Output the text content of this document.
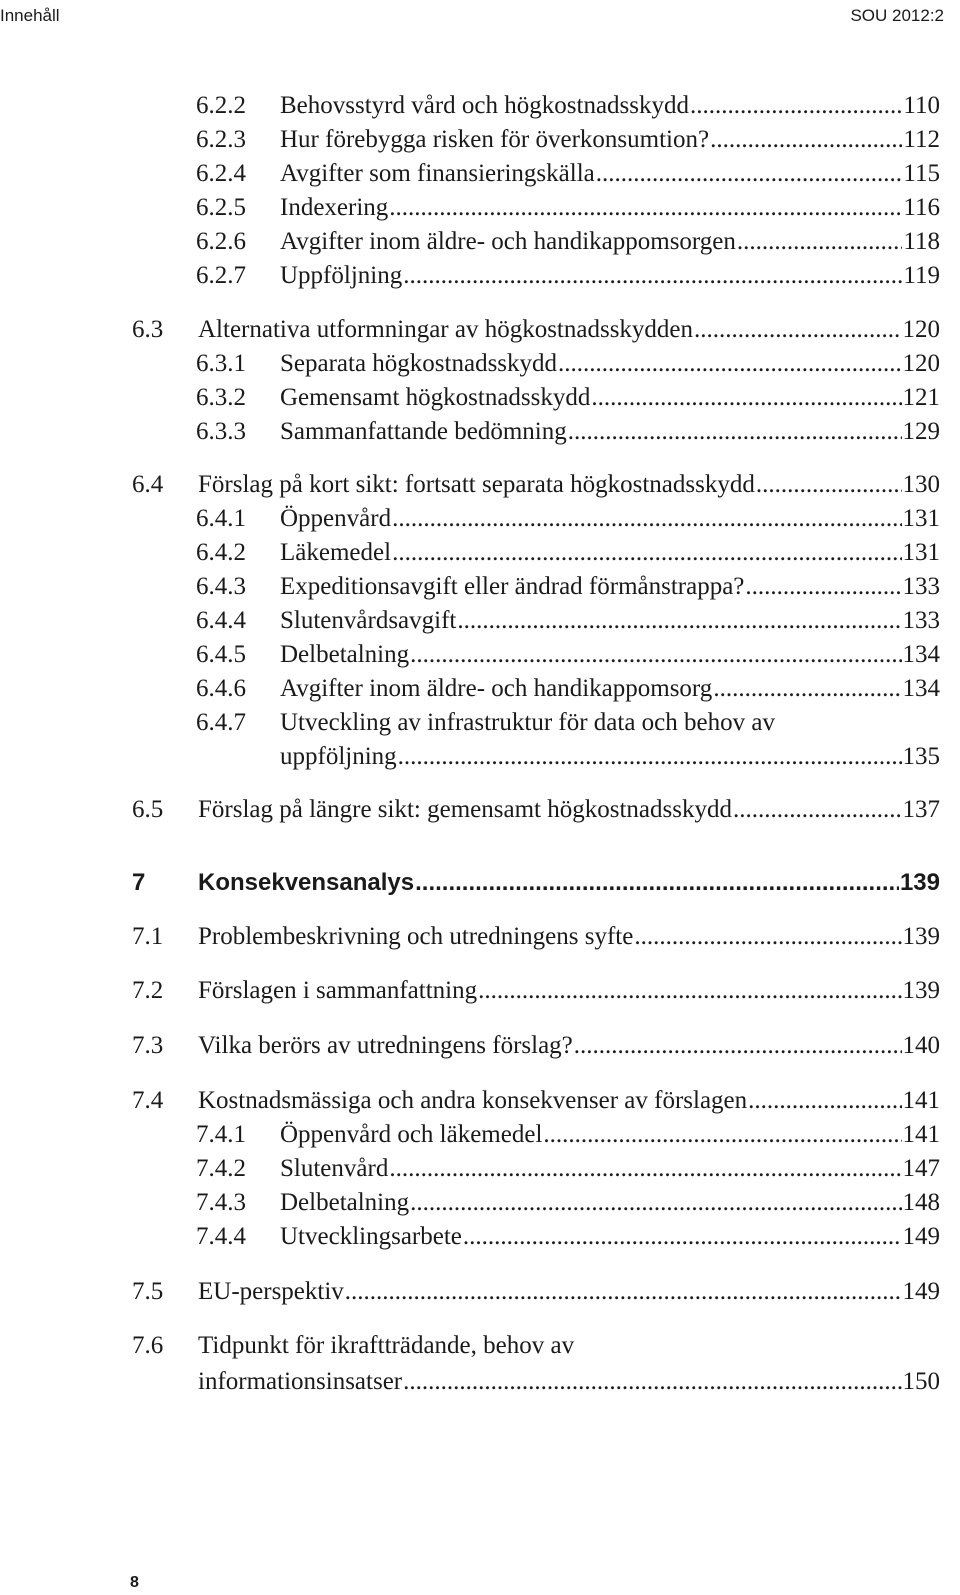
Innehåll	SOU 2012:2
6.2.2 Behovsstyrd vård och högkostnadsskydd .....	110
6.2.3 Hur förebygga risken för överkonsumtion? .....	112
6.2.4 Avgifter som finansieringskälla .....	115
6.2.5 Indexering .....	116
6.2.6 Avgifter inom äldre- och handikappomsorgen .....	118
6.2.7 Uppföljning .....	119
6.3 Alternativa utformningar av högkostnadsskydden .....	120
6.3.1 Separata högkostnadsskydd .....	120
6.3.2 Gemensamt högkostnadsskydd .....	121
6.3.3 Sammanfattande bedömning .....	129
6.4 Förslag på kort sikt: fortsatt separata högkostnadsskydd .....	130
6.4.1 Öppenvård .....	131
6.4.2 Läkemedel .....	131
6.4.3 Expeditionsavgift eller ändrad förmånstrappa? .....	133
6.4.4 Slutenvårdsavgift .....	133
6.4.5 Delbetalning .....	134
6.4.6 Avgifter inom äldre- och handikappomsorg .....	134
6.4.7 Utveckling av infrastruktur för data och behov av
uppföljning .....	135
6.5 Förslag på längre sikt: gemensamt högkostnadsskydd .....	137
7 Konsekvensanalys .....	139
7.1 Problembeskrivning och utredningens syfte .....	139
7.2 Förslagen i sammanfattning .....	139
7.3 Vilka berörs av utredningens förslag? .....	140
7.4 Kostnadsmässiga och andra konsekvenser av förslagen .....	141
7.4.1 Öppenvård och läkemedel .....	141
7.4.2 Slutenvård .....	147
7.4.3 Delbetalning .....	148
7.4.4 Utvecklingsarbete .....	149
7.5 EU-perspektiv .....	149
7.6 Tidpunkt för ikraftträdande, behov av
informationsinsatser .....	150
8
